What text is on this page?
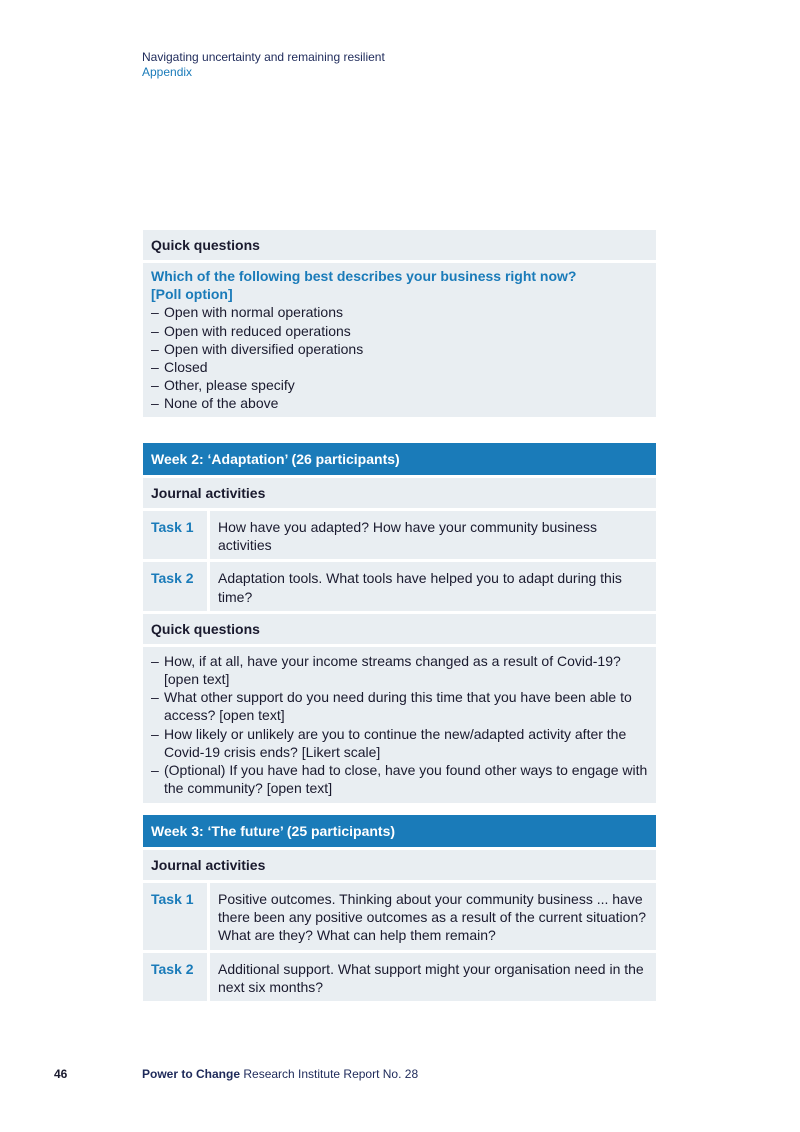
Navigating uncertainty and remaining resilient
Appendix
Quick questions
Which of the following best describes your business right now?
[Poll option]
– Open with normal operations
– Open with reduced operations
– Open with diversified operations
– Closed
– Other, please specify
– None of the above
Week 2: ‘Adaptation’ (26 participants)
Journal activities
Task 1	How have you adapted? How have your community business activities
Task 2	Adaptation tools. What tools have helped you to adapt during this time?
Quick questions
– How, if at all, have your income streams changed as a result of Covid-19? [open text]
– What other support do you need during this time that you have been able to access? [open text]
– How likely or unlikely are you to continue the new/adapted activity after the Covid-19 crisis ends? [Likert scale]
– (Optional) If you have had to close, have you found other ways to engage with the community? [open text]
Week 3: ‘The future’ (25 participants)
Journal activities
Task 1	Positive outcomes. Thinking about your community business ... have there been any positive outcomes as a result of the current situation? What are they? What can help them remain?
Task 2	Additional support. What support might your organisation need in the next six months?
46	Power to Change Research Institute Report No. 28
